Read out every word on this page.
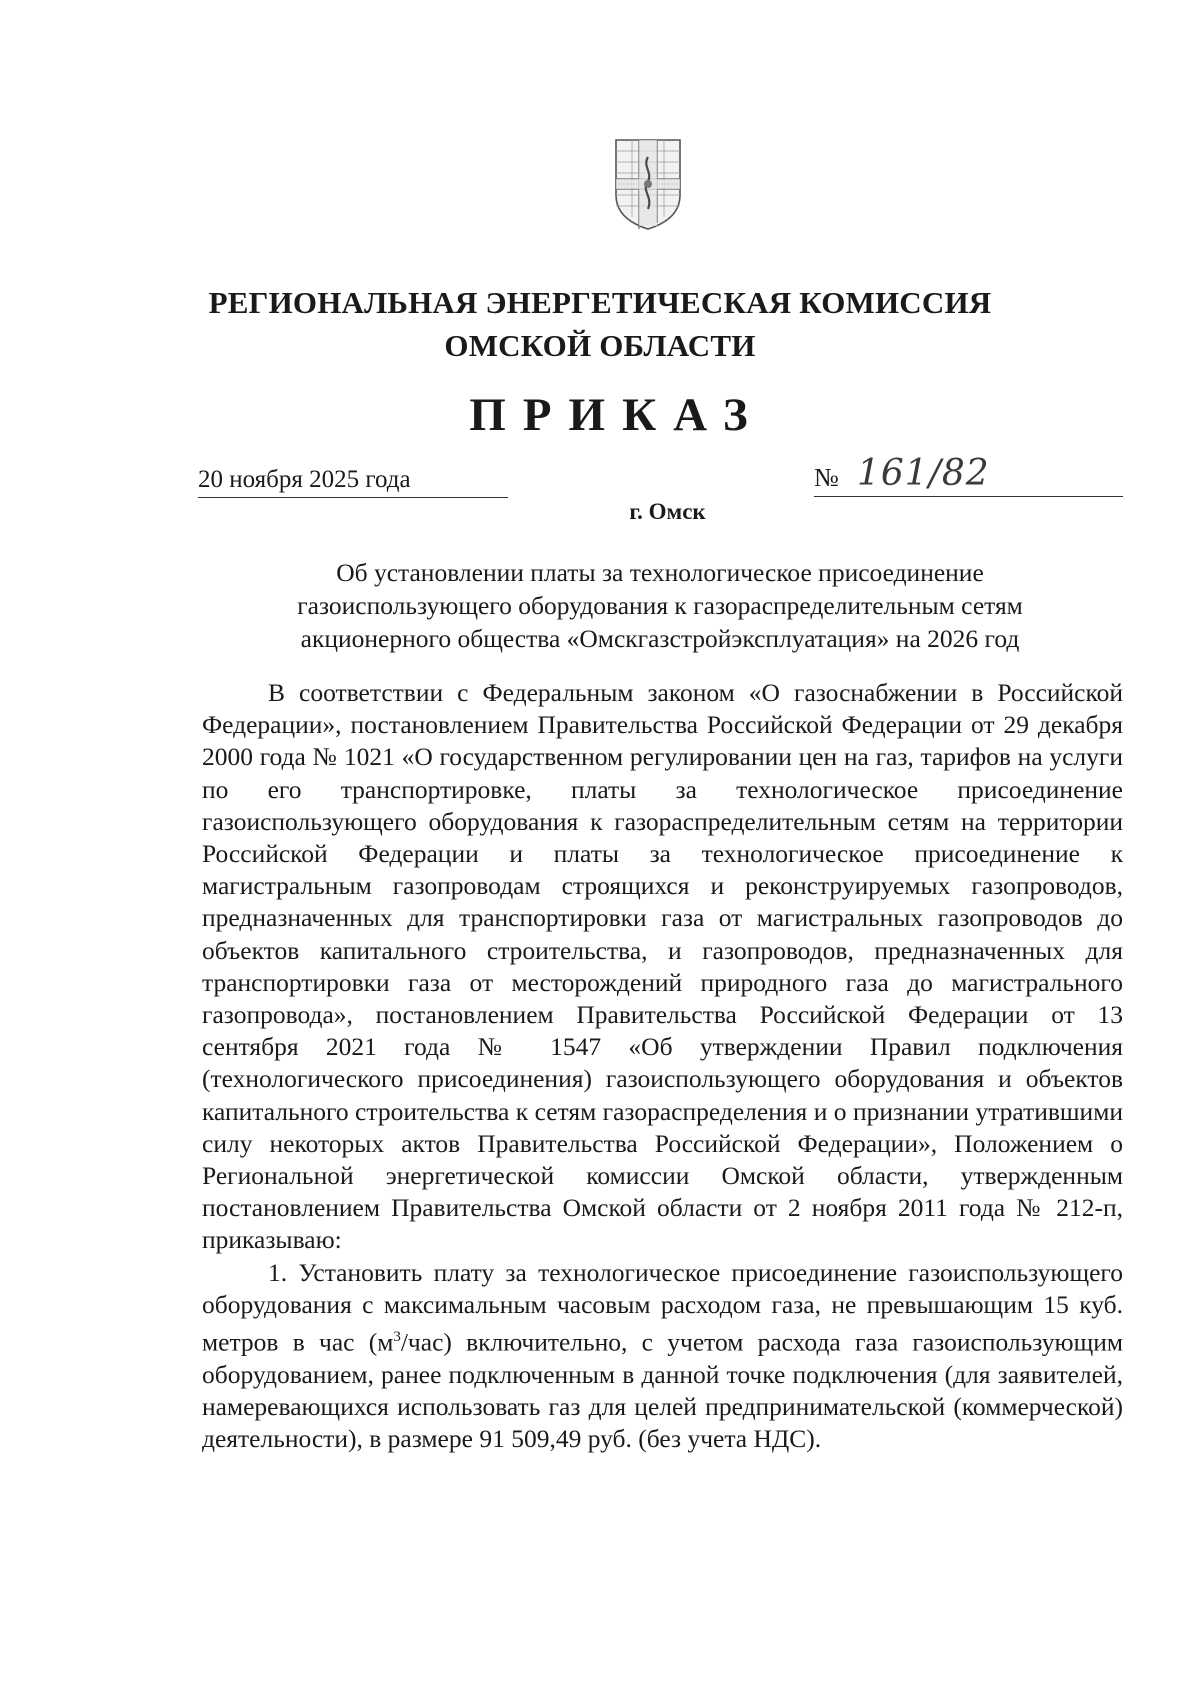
РЕГИОНАЛЬНАЯ ЭНЕРГЕТИЧЕСКАЯ КОМИССИЯ
ОМСКОЙ ОБЛАСТИ
ПРИКАЗ
20 ноября 2025 года	№ 161/82
г. Омск

Об установлении платы за технологическое присоединение

газоиспользующего оборудования к газораспределительным сетям

акционерного общества «Омскгазстройэксплуатация» на 2026 год

В соответствии с Федеральным законом «О газоснабжении в Российской Федерации», постановлением Правительства Российской Федерации от 29 декабря 2000 года № 1021 «О государственном регулировании цен на газ, тарифов на услуги по его транспортировке, платы за технологическое присоединение газоиспользующего оборудования к газораспределительным сетям на территории Российской Федерации и платы за технологическое присоединение к магистральным газопроводам строящихся и реконструируемых газопроводов, предназначенных для транспортировки газа от магистральных газопроводов до объектов капитального строительства, и газопроводов, предназначенных для транспортировки газа от месторождений природного газа до магистрального газопровода», постановлением Правительства Российской Федерации от 13 сентября 2021 года № 1547 «Об утверждении Правил подключения (технологического присоединения) газоиспользующего оборудования и объектов капитального строительства к сетям газораспределения и о признании утратившими силу некоторых актов Правительства Российской Федерации», Положением о Региональной энергетической комиссии Омской области, утвержденным постановлением Правительства Омской области от 2 ноября 2011 года № 212-п, приказываю:

1. Установить плату за технологическое присоединение газоиспользующего оборудования с максимальным часовым расходом газа, не превышающим 15 куб. метров в час $(м^3/час)$ включительно, с учетом расхода газа газоиспользующим оборудованием, ранее подключенным в данной точке подключения (для заявителей, намеревающихся использовать газ для целей предпринимательской (коммерческой) деятельности), в размере 91 509,49 руб. (без учета НДС).
